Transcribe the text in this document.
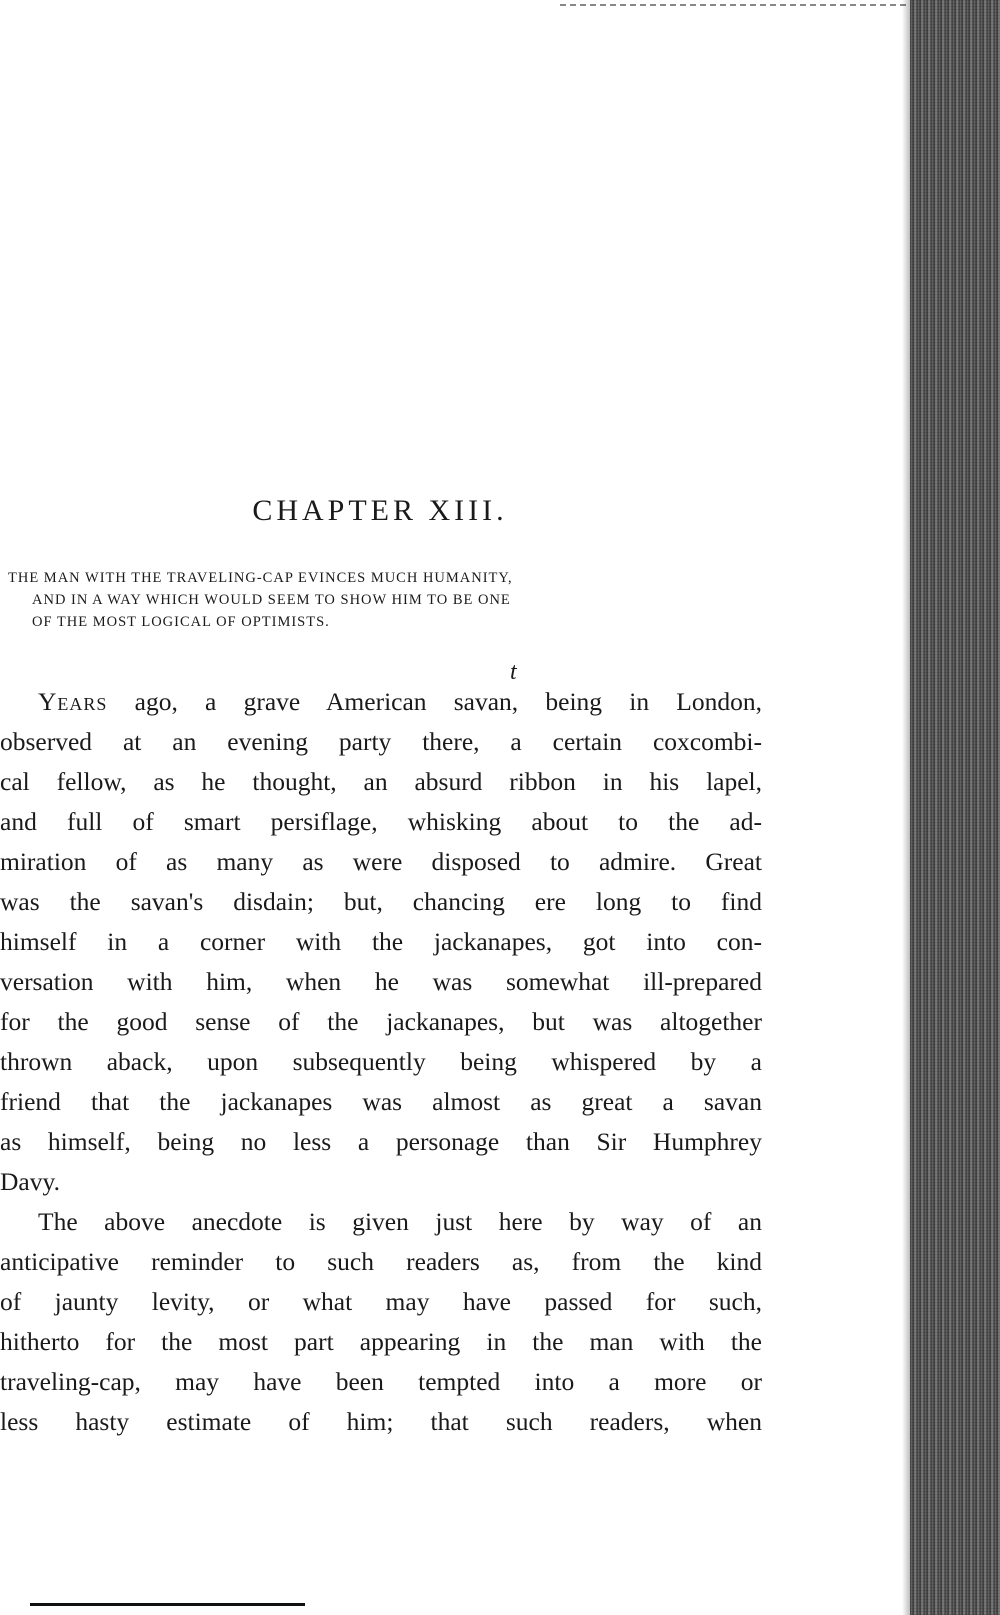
CHAPTER XIII.
THE MAN WITH THE TRAVELING-CAP EVINCES MUCH HUMANITY,
AND IN A WAY WHICH WOULD SEEM TO SHOW HIM TO BE ONE
OF THE MOST LOGICAL OF OPTIMISTS.
t
Years ago, a grave American savan, being in London,
observed at an evening party there, a certain coxcombi-
cal fellow, as he thought, an absurd ribbon in his lapel,
and full of smart persiflage, whisking about to the ad-
miration of as many as were disposed to admire. Great
was the savan's disdain; but, chancing ere long to find
himself in a corner with the jackanapes, got into con-
versation with him, when he was somewhat ill-prepared
for the good sense of the jackanapes, but was altogether
thrown aback, upon subsequently being whispered by a
friend that the jackanapes was almost as great a savan
as himself, being no less a personage than Sir Humphrey
Davy.
The above anecdote is given just here by way of an
anticipative reminder to such readers as, from the kind
of jaunty levity, or what may have passed for such,
hitherto for the most part appearing in the man with the
traveling-cap, may have been tempted into a more or
less hasty estimate of him; that such readers, when
